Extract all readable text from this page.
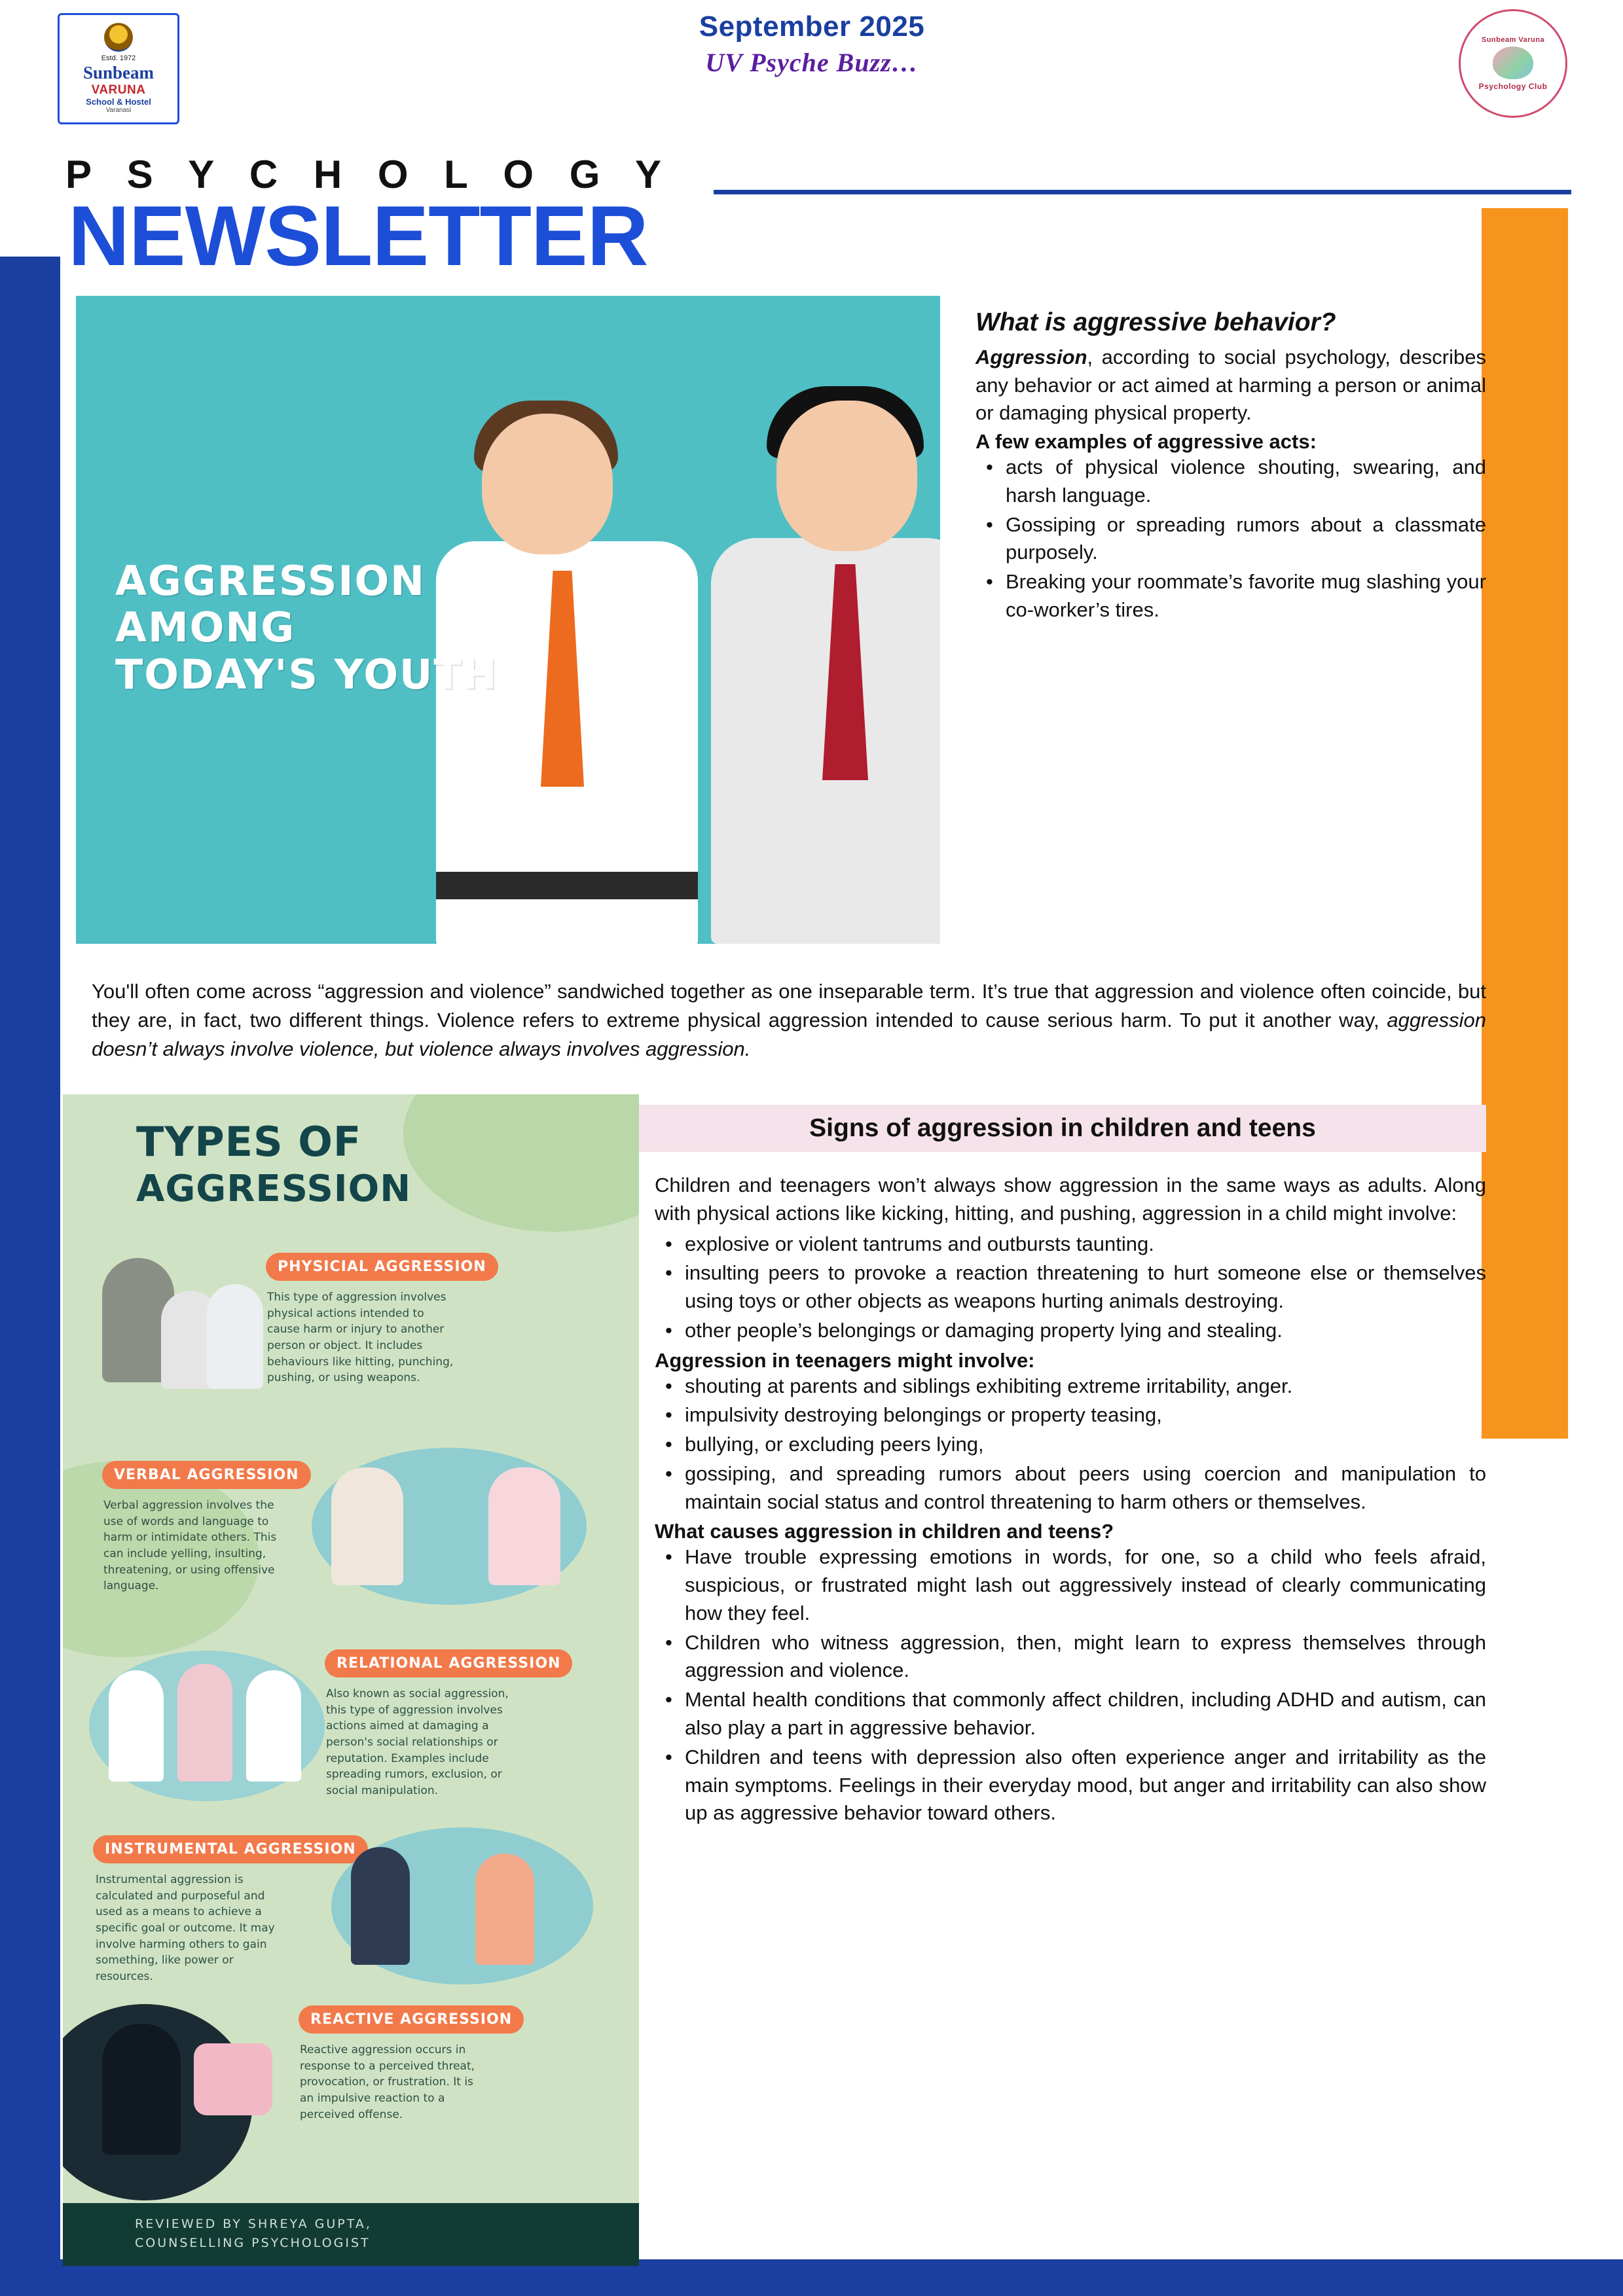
Estd. 1972
Sunbeam
VARUNA
School & Hostel
Varanasi
September 2025
UV Psyche Buzz…
Sunbeam Varuna
Psychology Club
P S Y C H O L O G Y
NEWSLETTER
AGGRESSION
AMONG
TODAY'S YOUTH
What is aggressive behavior?

Aggression, according to social psychology, describes any behavior or act aimed at harming a person or animal or damaging physical property.

A few examples of aggressive acts:
• acts of physical violence shouting, swearing, and harsh language.
• Gossiping or spreading rumors about a classmate purposely.
• Breaking your roommate’s favorite mug slashing your co-worker’s tires.

You'll often come across “aggression and violence” sandwiched together as one inseparable term. It’s true that aggression and violence often coincide, but they are, in fact, two different things. Violence refers to extreme physical aggression intended to cause serious harm. To put it another way, aggression doesn’t always involve violence, but violence always involves aggression.

TYPES OF
AGGRESSION
PHYSICIAL AGGRESSION
This type of aggression involves physical actions intended to cause harm or injury to another person or object. It includes behaviours like hitting, punching, pushing, or using weapons.
VERBAL AGGRESSION
Verbal aggression involves the use of words and language to harm or intimidate others. This can include yelling, insulting, threatening, or using offensive language.
RELATIONAL AGGRESSION
Also known as social aggression, this type of aggression involves actions aimed at damaging a person's social relationships or reputation. Examples include spreading rumors, exclusion, or social manipulation.
INSTRUMENTAL AGGRESSION
Instrumental aggression is calculated and purposeful and used as a means to achieve a specific goal or outcome. It may involve harming others to gain something, like power or resources.
REACTIVE AGGRESSION
Reactive aggression occurs in response to a perceived threat, provocation, or frustration. It is an impulsive reaction to a perceived offense.
REVIEWED BY SHREYA GUPTA,
COUNSELLING PSYCHOLOGIST
Signs of aggression in children and teens

Children and teenagers won’t always show aggression in the same ways as adults. Along with physical actions like kicking, hitting, and pushing, aggression in a child might involve:

• explosive or violent tantrums and outbursts taunting.
• insulting peers to provoke a reaction threatening to hurt someone else or themselves using toys or other objects as weapons hurting animals destroying.
• other people’s belongings or damaging property lying and stealing.
Aggression in teenagers might involve:
• shouting at parents and siblings exhibiting extreme irritability, anger.
• impulsivity destroying belongings or property teasing,
• bullying, or excluding peers lying,
• gossiping, and spreading rumors about peers using coercion and manipulation to maintain social status and control threatening to harm others or themselves.
What causes aggression in children and teens?
• Have trouble expressing emotions in words, for one, so a child who feels afraid, suspicious, or frustrated might lash out aggressively instead of clearly communicating how they feel.
• Children who witness aggression, then, might learn to express themselves through aggression and violence.
• Mental health conditions that commonly affect children, including ADHD and autism, can also play a part in aggressive behavior.
• Children and teens with depression also often experience anger and irritability as the main symptoms. Feelings in their everyday mood, but anger and irritability can also show up as aggressive behavior toward others.
